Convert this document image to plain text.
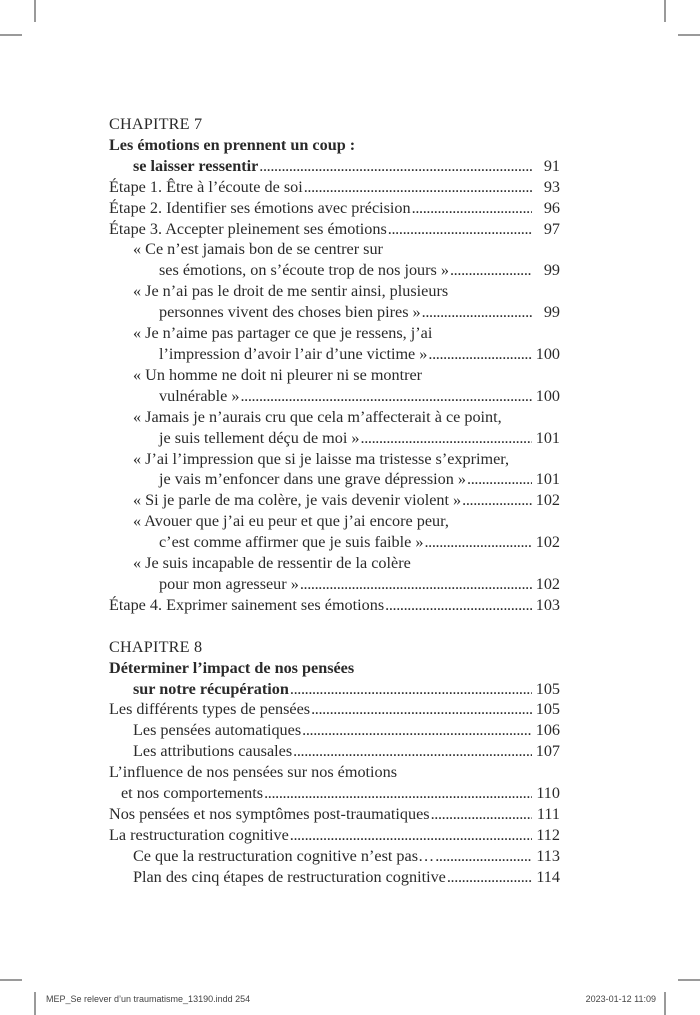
CHAPITRE 7
Les émotions en prennent un coup :
se laisser ressentir . . .	91
Étape 1. Être à l’écoute de soi . . .	93
Étape 2. Identifier ses émotions avec précision . . .	96
Étape 3. Accepter pleinement ses émotions . . .	97
« Ce n’est jamais bon de se centrer sur
ses émotions, on s’écoute trop de nos jours » . . .	99
« Je n’ai pas le droit de me sentir ainsi, plusieurs
personnes vivent des choses bien pires » . . .	99
« Je n’aime pas partager ce que je ressens, j’ai
l’impression d’avoir l’air d’une victime » . . .	100
« Un homme ne doit ni pleurer ni se montrer
vulnérable » . . .	100
« Jamais je n’aurais cru que cela m’affecterait à ce point,
je suis tellement déçu de moi » . . .	101
« J’ai l’impression que si je laisse ma tristesse s’exprimer,
je vais m’enfoncer dans une grave dépression » . . .	101
« Si je parle de ma colère, je vais devenir violent » . . .	102
« Avouer que j’ai eu peur et que j’ai encore peur,
c’est comme affirmer que je suis faible » . . .	102
« Je suis incapable de ressentir de la colère
pour mon agresseur » . . .	102
Étape 4. Exprimer sainement ses émotions . . .	103
CHAPITRE 8
Déterminer l’impact de nos pensées
sur notre récupération . . .	105
Les différents types de pensées . . .	105
Les pensées automatiques . . .	106
Les attributions causales . . .	107
L’influence de nos pensées sur nos émotions
et nos comportements . . .	110
Nos pensées et nos symptômes post-traumatiques . . .	111
La restructuration cognitive . . .	112
Ce que la restructuration cognitive n’est pas… . . .	113
Plan des cinq étapes de restructuration cognitive . . .	114
MEP_Se relever d’un traumatisme_13190.indd 254	2023-01-12 11:09
